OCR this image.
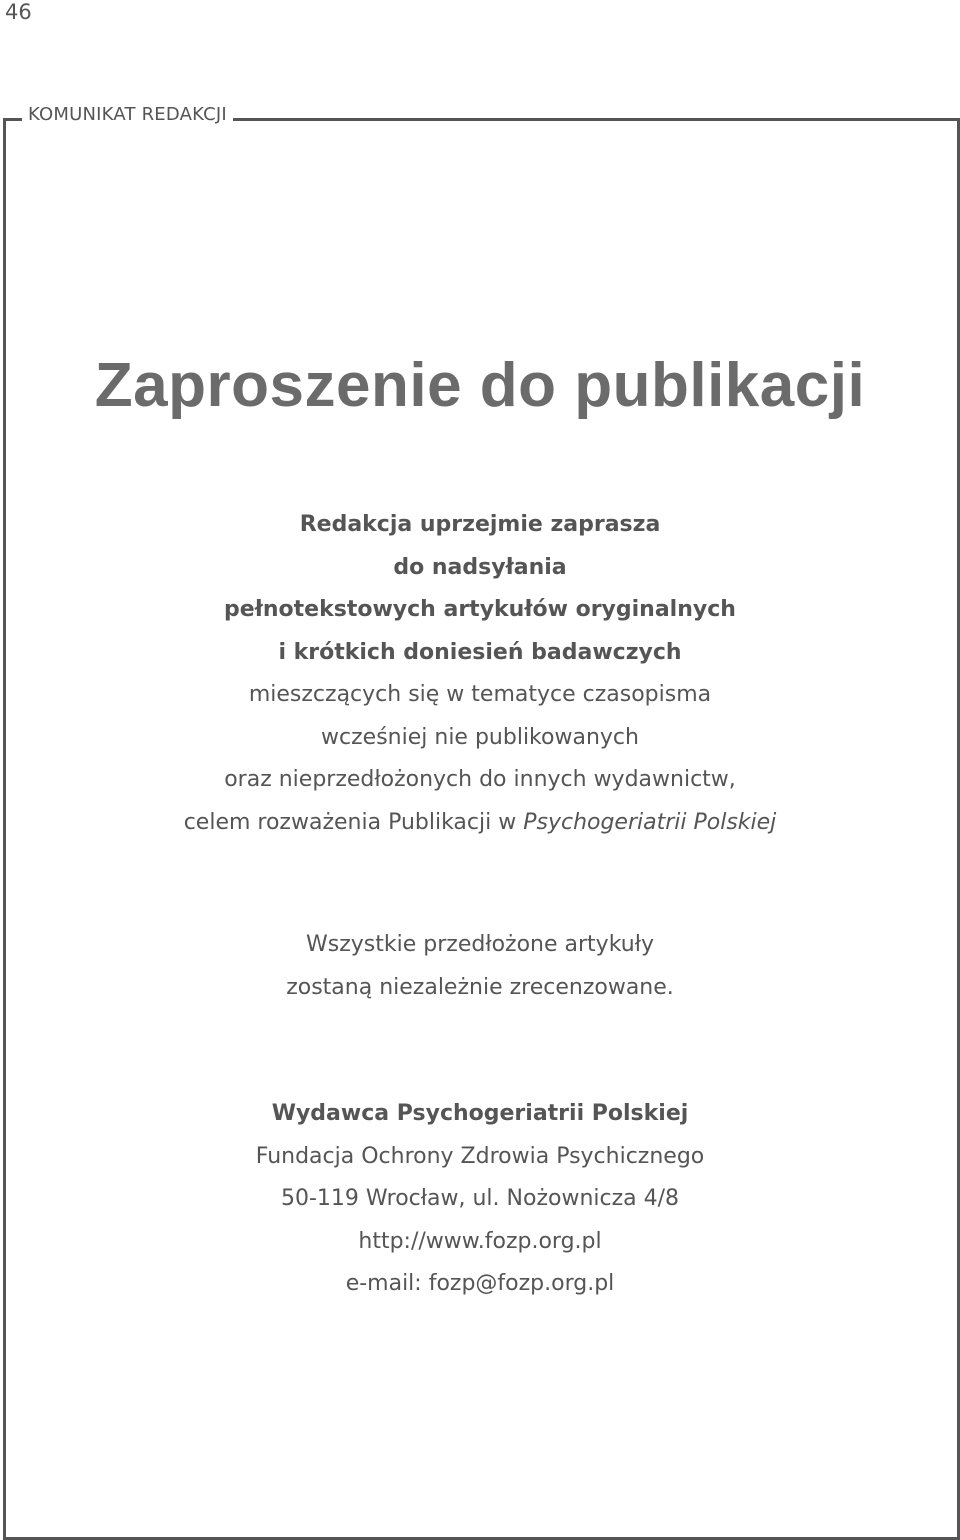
46
KOMUNIKAT REDAKCJI
Zaproszenie do publikacji
Redakcja uprzejmie zaprasza
do nadsyłania
pełnotekstowych artykułów oryginalnych
i krótkich doniesień badawczych
mieszczących się w tematyce czasopisma
wcześniej nie publikowanych
oraz nieprzedłożonych do innych wydawnictw,
celem rozważenia Publikacji w Psychogeriatrii Polskiej
Wszystkie przedłożone artykuły
zostaną niezależnie zrecenzowane.
Wydawca Psychogeriatrii Polskiej
Fundacja Ochrony Zdrowia Psychicznego
50-119 Wrocław, ul. Nożownicza 4/8
http://www.fozp.org.pl
e-mail: fozp@fozp.org.pl
